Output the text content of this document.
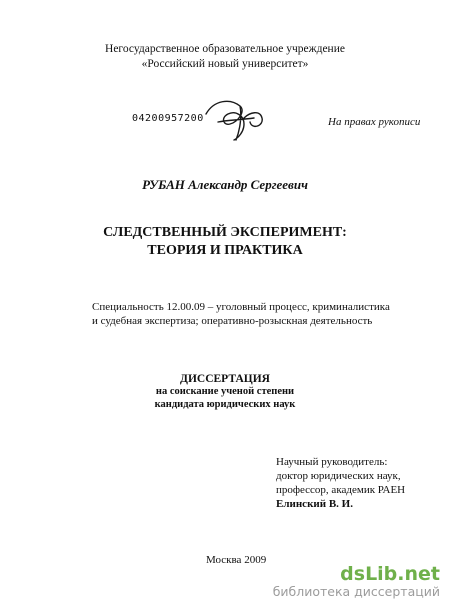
Негосударственное образовательное учреждение
«Российский новый университет»
04200957200	На правах рукописи
РУБАН Александр Сергеевич
СЛЕДСТВЕННЫЙ ЭКСПЕРИМЕНТ:
ТЕОРИЯ И ПРАКТИКА
Специальность 12.00.09 – уголовный процесс, криминалистика
и судебная экспертиза; оперативно-розыскная деятельность
ДИССЕРТАЦИЯ
на соискание ученой степени
кандидата юридических наук
Научный руководитель:
доктор юридических наук,
профессор, академик РАЕН
Елинский В. И.
Москва 2009
dsLib.net
библиотека диссертаций
